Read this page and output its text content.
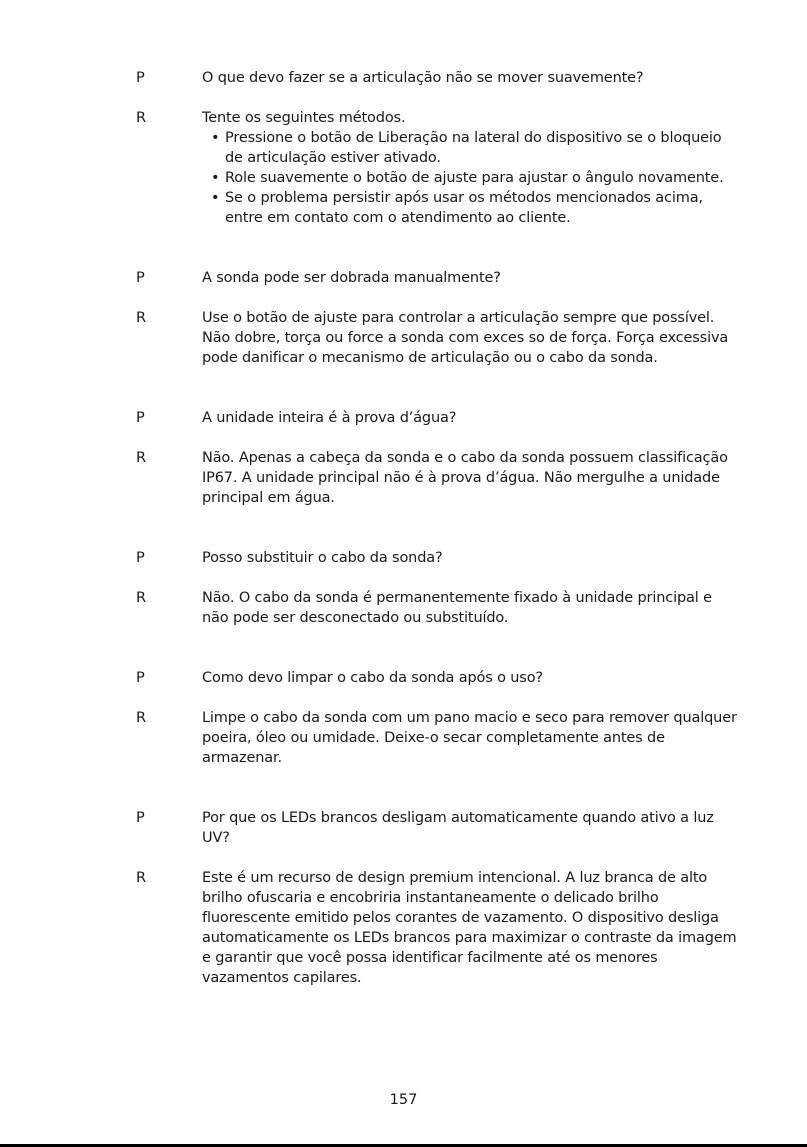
P	O que devo fazer se a articulação não se mover suavemente?
R	Tente os seguintes métodos.
• Pressione o botão de Liberação na lateral do dispositivo se o bloqueio
de articulação estiver ativado.
• Role suavemente o botão de ajuste para ajustar o ângulo novamente.
• Se o problema persistir após usar os métodos mencionados acima,
entre em contato com o atendimento ao cliente.
P	A sonda pode ser dobrada manualmente?
R	Use o botão de ajuste para controlar a articulação sempre que possível.
Não dobre, torça ou force a sonda com exces so de força. Força excessiva
pode danificar o mecanismo de articulação ou o cabo da sonda.
P	A unidade inteira é à prova d’água?
R	Não. Apenas a cabeça da sonda e o cabo da sonda possuem classificação
IP67. A unidade principal não é à prova d’água. Não mergulhe a unidade
principal em água.
P	Posso substituir o cabo da sonda?
R	Não. O cabo da sonda é permanentemente fixado à unidade principal e
não pode ser desconectado ou substituído.
P	Como devo limpar o cabo da sonda após o uso?
R	Limpe o cabo da sonda com um pano macio e seco para remover qualquer
poeira, óleo ou umidade. Deixe-o secar completamente antes de
armazenar.
P	Por que os LEDs brancos desligam automaticamente quando ativo a luz
UV?
R	Este é um recurso de design premium intencional. A luz branca de alto
brilho ofuscaria e encobriria instantaneamente o delicado brilho
fluorescente emitido pelos corantes de vazamento. O dispositivo desliga
automaticamente os LEDs brancos para maximizar o contraste da imagem
e garantir que você possa identificar facilmente até os menores
vazamentos capilares.
157
